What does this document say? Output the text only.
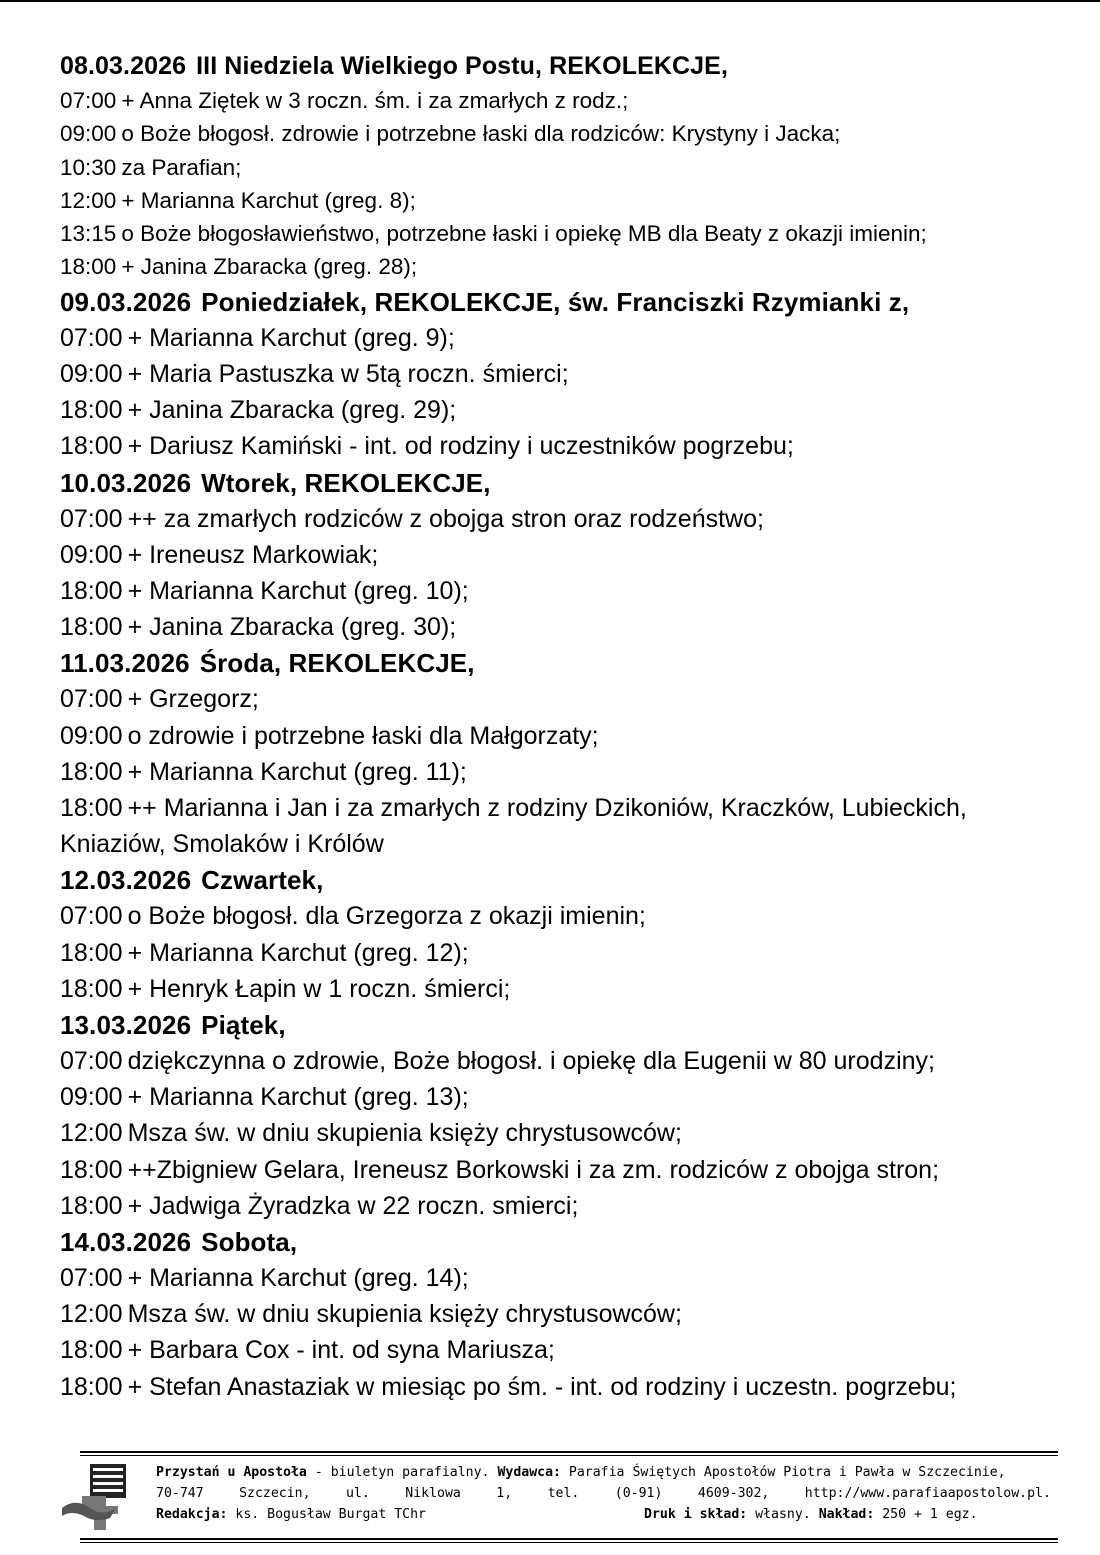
08.03.2026 III Niedziela Wielkiego Postu, REKOLEKCJE,
07:00 + Anna Ziętek w 3 roczn. śm. i za zmarłych z rodz.;
09:00 o Boże błogosł. zdrowie i potrzebne łaski dla rodziców: Krystyny i Jacka;
10:30 za Parafian;
12:00 + Marianna Karchut (greg. 8);
13:15 o Boże błogosławieństwo, potrzebne łaski i opiekę MB dla Beaty z okazji imienin;
18:00 + Janina Zbaracka (greg. 28);
09.03.2026 Poniedziałek, REKOLEKCJE, św. Franciszki Rzymianki z,
07:00 + Marianna Karchut (greg. 9);
09:00 + Maria Pastuszka w 5tą roczn. śmierci;
18:00 + Janina Zbaracka (greg. 29);
18:00 + Dariusz Kamiński - int. od rodziny i uczestników pogrzebu;
10.03.2026 Wtorek, REKOLEKCJE,
07:00 ++ za zmarłych rodziców z obojga stron oraz rodzeństwo;
09:00 + Ireneusz Markowiak;
18:00 + Marianna Karchut (greg. 10);
18:00 + Janina Zbaracka (greg. 30);
11.03.2026 Środa, REKOLEKCJE,
07:00 + Grzegorz;
09:00 o zdrowie i potrzebne łaski dla Małgorzaty;
18:00 + Marianna Karchut (greg. 11);
18:00 ++ Marianna i Jan i za zmarłych z rodziny Dzikoniów, Kraczków, Lubieckich, Kniaziów, Smolaków i Królów
12.03.2026 Czwartek,
07:00 o Boże błogosł. dla Grzegorza z okazji imienin;
18:00 + Marianna Karchut (greg. 12);
18:00 + Henryk Łapin w 1 roczn. śmierci;
13.03.2026 Piątek,
07:00 dziękczynna o zdrowie, Boże błogosł. i opiekę dla Eugenii w 80 urodziny;
09:00 + Marianna Karchut (greg. 13);
12:00 Msza św. w dniu skupienia księży chrystusowców;
18:00 ++Zbigniew Gelara, Ireneusz Borkowski i za zm. rodziców z obojga stron;
18:00 + Jadwiga Żyradzka w 22 roczn. smierci;
14.03.2026 Sobota,
07:00 + Marianna Karchut (greg. 14);
12:00 Msza św. w dniu skupienia księży chrystusowców;
18:00 + Barbara Cox - int. od syna Mariusza;
18:00 + Stefan Anastaziak w miesiąc po śm. - int. od rodziny i uczestn. pogrzebu;
Przystań u Apostoła - biuletyn parafialny. Wydawca: Parafia Świętych Apostołów Piotra i Pawła w Szczecinie,
70-747	Szczecin,	ul.	Niklowa	1,	tel.	(0-91)	4609-302,	http://www.parafiaapostolow.pl.
Redakcja: ks. Bogusław Burgat TChr	Druk i skład: własny. Nakład: 250 + 1 egz.
